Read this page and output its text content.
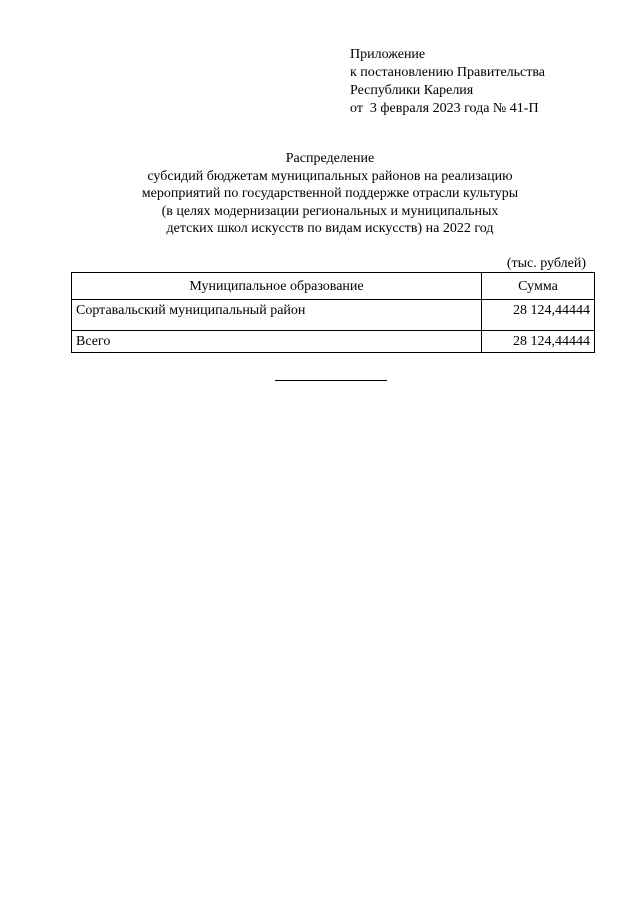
Приложение
к постановлению Правительства
Республики Карелия
от  3 февраля 2023 года № 41-П
Распределение
субсидий бюджетам муниципальных районов на реализацию
мероприятий по государственной поддержке отрасли культуры
(в целях модернизации региональных и муниципальных
детских школ искусств по видам искусств) на 2022 год
(тыс. рублей)
Муниципальное образование	Сумма
Сортавальский муниципальный район	28 124,44444
Всего	28 124,44444
